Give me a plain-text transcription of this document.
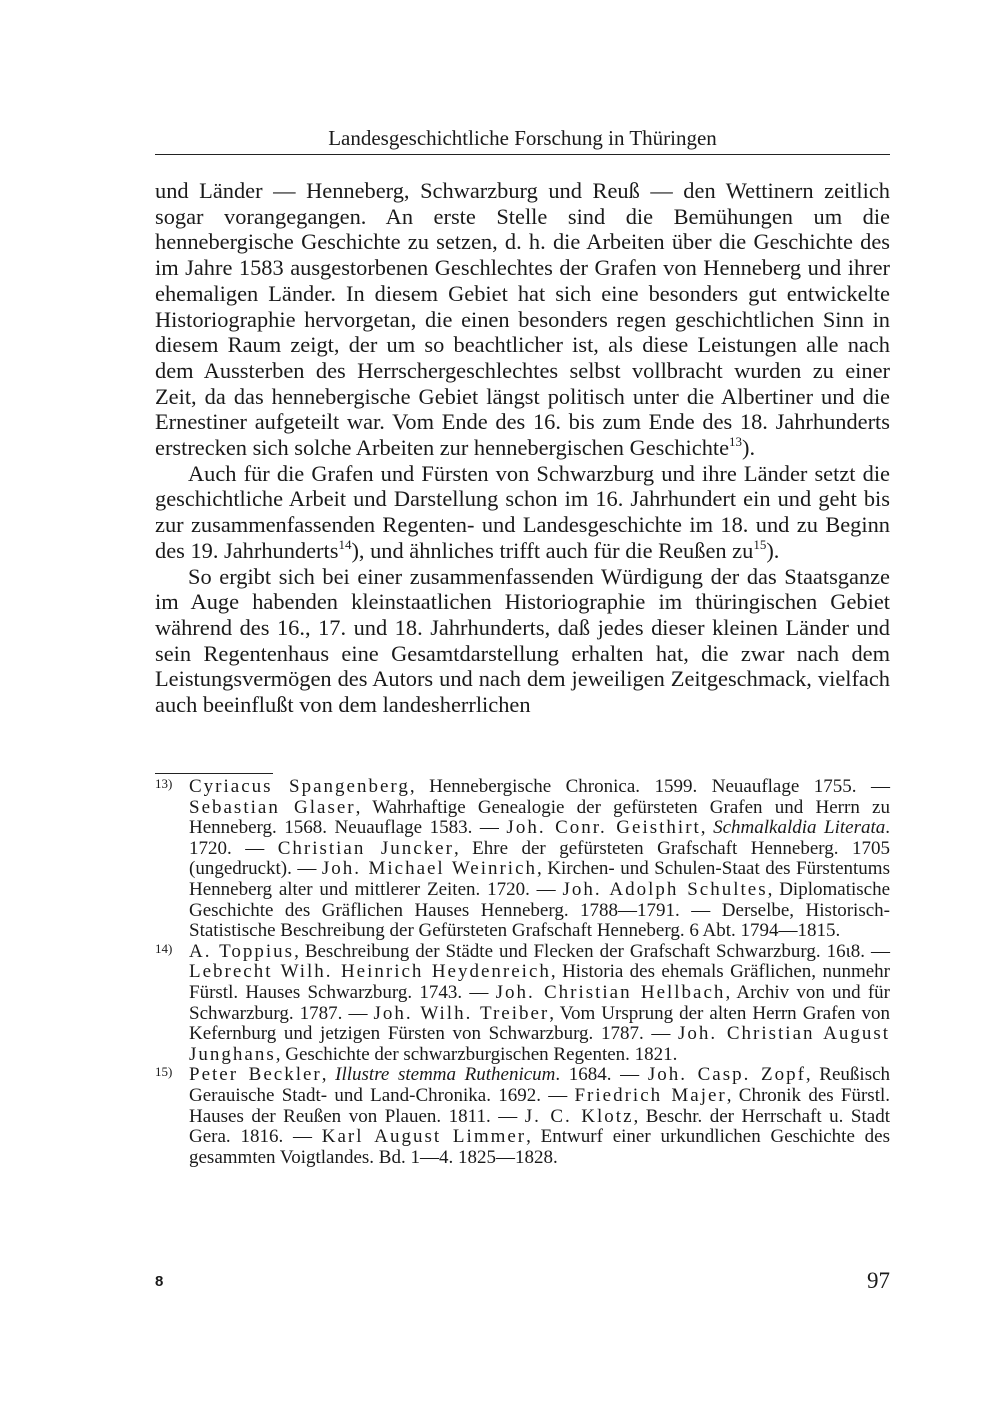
Landesgeschichtliche Forschung in Thüringen

und Länder — Henneberg, Schwarzburg und Reuß — den Wettinern zeitlich sogar vorangegangen. An erste Stelle sind die Bemühungen um die hennebergische Geschichte zu setzen, d. h. die Arbeiten über die Geschichte des im Jahre 1583 ausgestorbenen Geschlechtes der Grafen von Henneberg und ihrer ehemaligen Länder. In diesem Gebiet hat sich eine besonders gut entwickelte Historiographie hervorgetan, die einen besonders regen geschichtlichen Sinn in diesem Raum zeigt, der um so beachtlicher ist, als diese Leistungen alle nach dem Aussterben des Herrschergeschlechtes selbst vollbracht wurden zu einer Zeit, da das hennebergische Gebiet längst politisch unter die Albertiner und die Ernestiner aufgeteilt war. Vom Ende des 16. bis zum Ende des 18. Jahrhunderts erstrecken sich solche Arbeiten zur hennebergischen Geschichte$^{13}$).

Auch für die Grafen und Fürsten von Schwarzburg und ihre Länder setzt die geschichtliche Arbeit und Darstellung schon im 16. Jahrhundert ein und geht bis zur zusammenfassenden Regenten- und Landesgeschichte im 18. und zu Beginn des 19. Jahrhunderts$^{14}$), und ähnliches trifft auch für die Reußen $zu^{15}$).

So ergibt sich bei einer zusammenfassenden Würdigung der das Staatsganze im Auge habenden kleinstaatlichen Historiographie im thüringischen Gebiet während des 16., 17. und 18. Jahrhunderts, daß jedes dieser kleinen Länder und sein Regentenhaus eine Gesamtdarstellung erhalten hat, die zwar nach dem Leistungsvermögen des Autors und nach dem jeweiligen Zeitgeschmack, vielfach auch beeinflußt von dem landesherrlichen

13) Cyriacus Spangenberg, Hennebergische Chronica. 1599. Neuauflage 1755. — Sebastian Glaser, Wahrhaftige Genealogie der gefürsteten Grafen und Herrn zu Henneberg. 1568. Neuauflage 1583. — Joh. Conr. Geisthirt, Schmalkaldia Literata. 1720. — Christian Juncker, Ehre der gefürsteten Grafschaft Henneberg. 1705 (ungedruckt). — Joh. Michael Weinrich, Kirchen- und Schulen-Staat des Fürstentums Henneberg alter und mittlerer Zeiten. 1720. — Joh. Adolph Schultes, Diplomatische Geschichte des Gräflichen Hauses Henneberg. 1788—1791. — Derselbe, Historisch-Statistische Beschreibung der Gefürsteten Grafschaft Henneberg. 6 Abt. 1794—1815.

14) A. Toppius, Beschreibung der Städte und Flecken der Grafschaft Schwarzburg. 16ι8. — Lebrecht Wilh. Heinrich Heydenreich, Historia des ehemals Gräflichen, nunmehr Fürstl. Hauses Schwarzburg. 1743. — Joh. Christian Hellbach, Archiv von und für Schwarzburg. 1787. — Joh. Wilh. Treiber, Vom Ursprung der alten Herrn Grafen von Kefernburg und jetzigen Fürsten von Schwarzburg. 1787. — Joh. Christian August Junghans, Geschichte der schwarzburgischen Regenten. 1821.

15) Peter Beckler, Illustre stemma Ruthenicum. 1684. — Joh. Casp. Zopf, Reußisch Gerauische Stadt- und Land-Chronika. 1692. — Friedrich Majer, Chronik des Fürstl. Hauses der Reußen von Plauen. 1811. — J. C. Klotz, Beschr. der Herrschaft u. Stadt Gera. 1816. — Karl August Limmer, Entwurf einer urkundlichen Geschichte des gesammten Voigtlandes. Bd. 1—4. 1825—1828.

8	97
